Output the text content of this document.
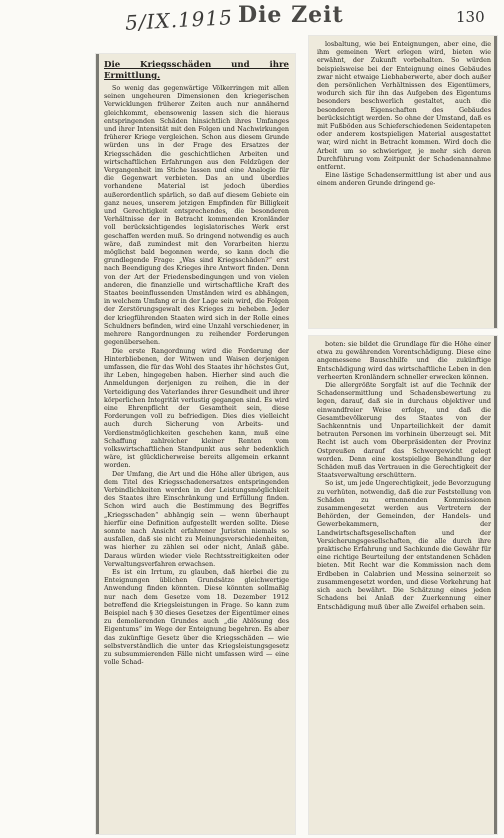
5/IX.1915 Die Zeit	130

Die Kriegsschäden und ihre Ermittlung.

So wenig das gegenwärtige Völkerringen mit allen seinen ungeheuren Dimensionen den kriegerischen Verwicklungen früherer Zeiten auch nur annähernd gleichkommt, ebensowenig lassen sich die hieraus entspringenden Schäden hinsichtlich ihres Umfanges und ihrer Intensität mit den Folgen und Nachwirkungen früherer Kriege vergleichen. Schon aus diesem Grunde würden uns in der Frage des Ersatzes der Kriegsschäden die geschichtlichen Arbeiten und wirtschaftlichen Erfahrungen aus den Feldzügen der Vergangenheit im Stiche lassen und eine Analogie für die Gegenwart verbieten. Das an und überdies vorhandene Material ist jedoch überdies außerordentlich spärlich, so daß auf diesem Gebiete ein ganz neues, unserem jetzigen Empfinden für Billigkeit und Gerechtigkeit entsprechendes, die besonderen Verhältnisse der in Betracht kommenden Kronländer voll berücksichtigendes legislatorisches Werk erst geschaffen werden muß. So dringend notwendig es auch wäre, daß zumindest mit den Vorarbeiten hierzu möglichst bald begonnen werde, so kann doch die grundlegende Frage: „Was sind Kriegsschäden?“ erst nach Beendigung des Krieges ihre Antwort finden. Denn von der Art der Friedensbedingungen und von vielen anderen, die finanzielle und wirtschaftliche Kraft des Staates beeinflussenden Umständen wird es abhängen, in welchem Umfang er in der Lage sein wird, die Folgen der Zerstörungsgewalt des Krieges zu beheben. Jeder der kriegführenden Staaten wird sich in der Rolle eines Schuldners befinden, wird eine Unzahl verschiedener, in mehrere Rangordnungen zu reihender Forderungen gegenübersehen.

Die erste Rangordnung wird die Forderung der Hinterbliebenen, der Witwen und Waisen derjenigen umfassen, die für das Wohl des Staates ihr höchstes Gut, ihr Leben, hingegeben haben. Hierher sind auch die Anmeldungen derjenigen zu reihen, die in der Verteidigung des Vaterlandes ihrer Gesundheit und ihrer körperlichen Integrität verlustig gegangen sind. Es wird eine Ehrenpflicht der Gesamtheit sein, diese Forderungen voll zu befriedigen. Dies dies vielleicht auch durch Sicherung von Arbeits- und Verdienstmöglichkeiten geschehen kann, muß eine Schaffung zahlreicher kleiner Renten vom volkswirtschaftlichen Standpunkt aus sehr bedenklich wäre, ist glücklicherweise bereits allgemein erkannt worden.

Der Umfang, die Art und die Höhe aller übrigen, aus dem Titel des Kriegsschadenersatzes entspringenden Verbindlichkeiten werden in der Leistungsmöglichkeit des Staates ihre Einschränkung und Erfüllung finden. Schon wird auch die Bestimmung des Begriffes „Kriegsschaden“ abhängig sein — wenn überhaupt hierfür eine Definition aufgestellt werden sollte. Diese sonnte nach Ansicht erfahrener Juristen niemals so ausfallen, daß sie nicht zu Meinungsverschiedenheiten, was hierher zu zählen sei oder nicht, Anlaß gäbe. Daraus würden wieder viele Rechtsstreitigkeiten oder Verwaltungsverfahren erwachsen.

Es ist ein Irrtum, zu glauben, daß hierbei die zu Enteignungen üblichen Grundsätze gleichwertige Anwendung finden könnten. Diese könnten sollmaßig nur nach dem Gesetze vom 18. Dezember 1912 betreffend die Kriegsleistungen in Frage. So kann zum Beispiel nach § 30 dieses Gesetzes der Eigentümer eines zu demolierenden Grundes auch „die Ablösung des Eigentums“ im Wege der Enteignung begehren. Es aber das zukünftige Gesetz über die Kriegsschäden — wie selbstverständlich die unter das Kriegsleistungsgesetz zu subsummierenden Fälle nicht umfassen wird — eine volle Schad-

losbaltung, wie bei Enteignungen, aber eine, die ihm gemeinen Wert erlegen wird, bieten wie erwähnt, der Zukunft vorbehalten. So würden beispielsweise bei der Enteignung eines Gebäudes zwar nicht etwaige Liebhaberwerte, aber doch außer den persönlichen Verhältnissen des Eigentümers, wodurch sich für ihn das Aufgeben des Eigentums besonders beschwerlich gestaltet, auch die besonderen Eigenschaften des Gebäudes berücksichtigt werden. So ohne der Umstand, daß es mit Fußböden aus Schieferschiedenen Seidentapeten oder anderem kostspieligen Material ausgestattet war, wird nicht in Betracht kommen. Wird doch die Arbeit um so schwieriger, je mehr sich deren Durchführung vom Zeitpunkt der Schadenannahme entfernt.

Eine lästige Schadensermittlung ist aber und aus einem anderen Grunde dringend ge-

boten: sie bildet die Grundlage für die Höhe einer etwa zu gewährenden Vorentschädigung. Diese eine angemessene Bauschhilfe und die zukünftige Entschädigung wird das wirtschaftliche Leben in den verheerten Kronländern schneller erwecken können.

Die allergrößte Sorgfalt ist auf die Technik der Schadensermittlung und Schadensbewertung zu legen, darauf, daß sie in durchaus objektiver und einwandfreier Weise erfolge, und daß die Gesamtbevölkerung des Staates von der Sachkenntnis und Unparteilichkeit der damit betrauten Personen im vorhinein überzeugt sei. Mit Recht ist auch vom Oberpräsidenten der Provinz Ostpreußen darauf das Schwergewicht gelegt worden. Denn eine kostspielige Behandlung der Schäden muß das Vertrauen in die Gerechtigkeit der Staatsverwaltung erschüttern.

So ist, um jede Ungerechtigkeit, jede Bevorzugung zu verhüten, notwendig, daß die zur Feststellung von Schäden zu ernennenden Kommissionen zusammengesetzt werden aus Vertretern der Behörden, der Gemeinden, der Handels- und Gewerbekammern, der Landwirtschaftsgesellschaften und der Versicherungsgesellschaften, die alle durch ihre praktische Erfahrung und Sachkunde die Gewähr für eine richtige Beurteilung der entstandenen Schäden bieten. Mit Recht war die Kommission nach dem Erdbeben in Calabrien und Messina seinerzeit so zusammengesetzt worden, und diese Vorkehrung hat sich auch bewährt. Die Schätzung eines jeden Schadens bei Anlaß der Zuerkennung einer Entschädigung muß über alle Zweifel erhaben sein.
